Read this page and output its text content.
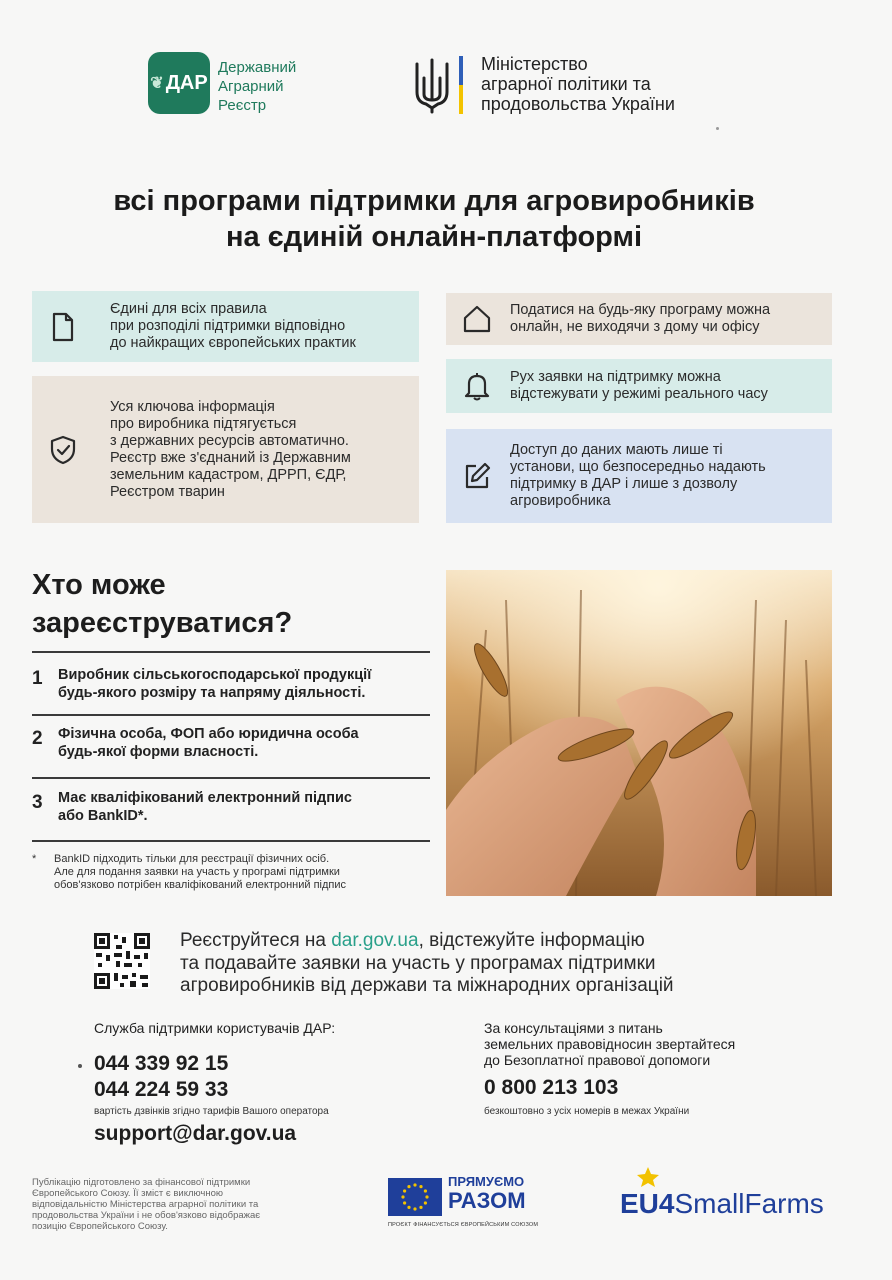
❦ ДАР
Державний
Аграрний
Реєстр
Міністерство
аграрної політики та
продовольства України
всі програми підтримки для агровиробників
на єдиній онлайн-платформі
Єдині для всіх правила
при розподілі підтримки відповідно
до найкращих європейських практик
Уся ключова інформація
про виробника підтягується
з державних ресурсів автоматично.
Реєстр вже з'єднаний із Державним
земельним кадастром, ДРРП, ЄДР,
Реєстром тварин
Податися на будь-яку програму можна
онлайн, не виходячи з дому чи офісу
Рух заявки на підтримку можна
відстежувати у режимі реального часу
Доступ до даних мають лише ті
установи, що безпосередньо надають
підтримку в ДАР і лише з дозволу
агровиробника
Хто може
зареєструватися?
1 Виробник сільськогосподарської продукції
будь-якого розміру та напряму діяльності.
2 Фізична особа, ФОП або юридична особа
будь-якої форми власності.
3 Має кваліфікований електронний підпис
або BankID*.
* BankID підходить тільки для реєстрації фізичних осіб.
Але для подання заявки на участь у програмі підтримки
обов'язково потрібен кваліфікований електронний підпис
Реєструйтеся на dar.gov.ua, відстежуйте інформацію
та подавайте заявки на участь у програмах підтримки
агровиробників від держави та міжнародних організацій
Служба підтримки користувачів ДАР:
044 339 92 15
044 224 59 33
вартість дзвінків згідно тарифів Вашого оператора
support@dar.gov.ua
За консультаціями з питань
земельних правовідносин звертайтеся
до Безоплатної правової допомоги
0 800 213 103
безкоштовно з усіх номерів в межах України
Публікацію підготовлено за фінансової підтримки
Європейського Союзу. Її зміст є виключною
відповідальністю Міністерства аграрної політики та
продовольства України і не обов'язково відображає
позицію Європейського Союзу.
ПРЯМУЄМО
РАЗОМ
ПРОЄКТ ФІНАНСУЄТЬСЯ ЄВРОПЕЙСЬКИМ СОЮЗОМ
EU4SmallFarms
